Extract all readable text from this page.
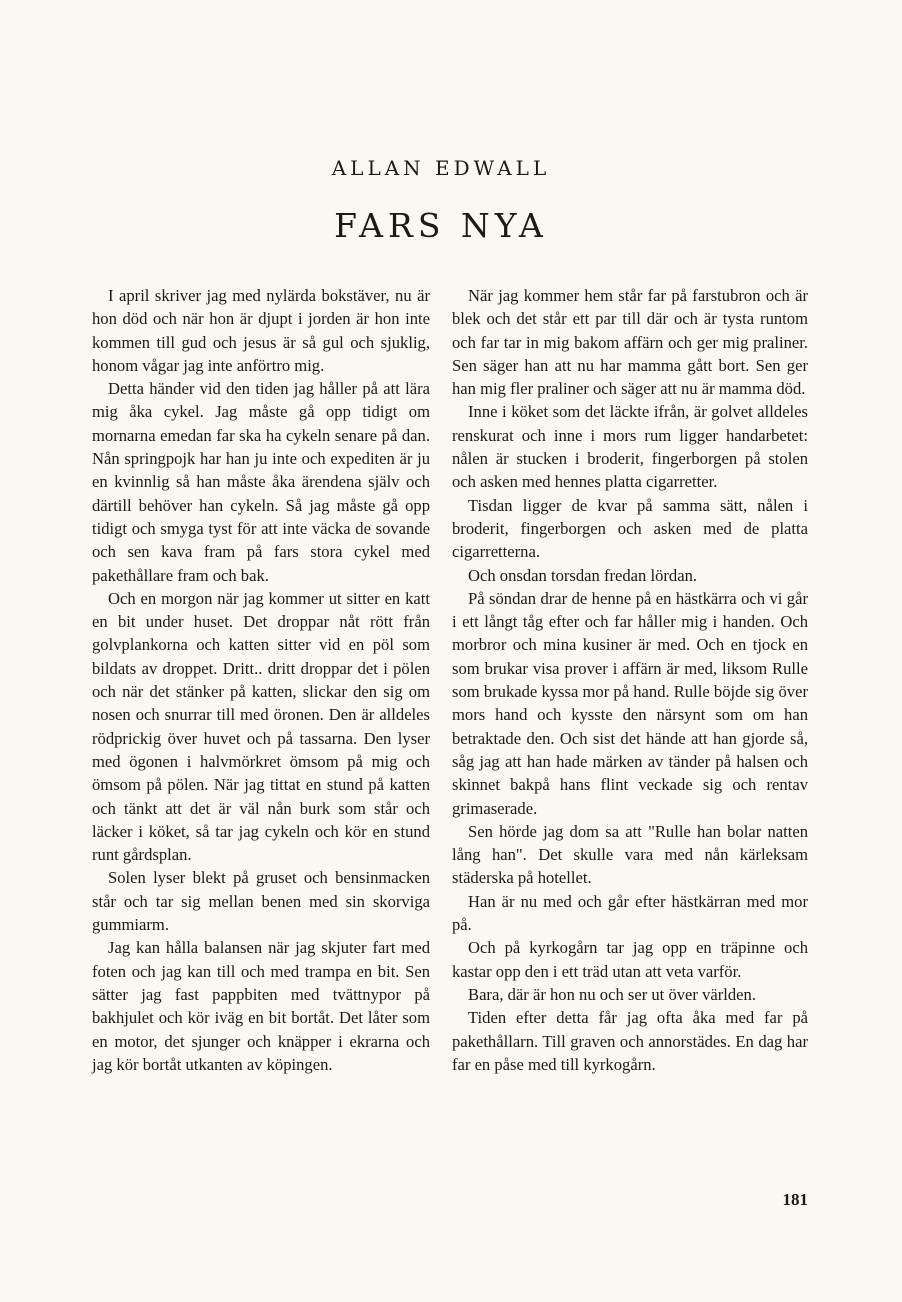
ALLAN EDWALL
FARS NYA

I april skriver jag med nylärda bokstäver, nu är hon död och när hon är djupt i jorden är hon inte kommen till gud och jesus är så gul och sjuklig, honom vågar jag inte anförtro mig.

Detta händer vid den tiden jag håller på att lära mig åka cykel. Jag måste gå opp tidigt om mornarna emedan far ska ha cykeln senare på dan. Nån springpojk har han ju inte och expediten är ju en kvinnlig så han måste åka ärendena själv och därtill behöver han cykeln. Så jag måste gå opp tidigt och smyga tyst för att inte väcka de sovande och sen kava fram på fars stora cykel med pakethållare fram och bak.

Och en morgon när jag kommer ut sitter en katt en bit under huset. Det droppar nåt rött från golvplankorna och katten sitter vid en pöl som bildats av droppet. Dritt.. dritt droppar det i pölen och när det stänker på katten, slickar den sig om nosen och snurrar till med öronen. Den är alldeles rödprickig över huvet och på tassarna. Den lyser med ögonen i halvmörkret ömsom på mig och ömsom på pölen. När jag tittat en stund på katten och tänkt att det är väl nån burk som står och läcker i köket, så tar jag cykeln och kör en stund runt gårdsplan.

Solen lyser blekt på gruset och bensinmacken står och tar sig mellan benen med sin skorviga gummiarm.

Jag kan hålla balansen när jag skjuter fart med foten och jag kan till och med trampa en bit. Sen sätter jag fast pappbiten med tvättnypor på bakhjulet och kör iväg en bit bortåt. Det låter som en motor, det sjunger och knäpper i ekrarna och jag kör bortåt utkanten av köpingen.

När jag kommer hem står far på farstubron och är blek och det står ett par till där och är tysta runtom och far tar in mig bakom affärn och ger mig praliner. Sen säger han att nu har mamma gått bort. Sen ger han mig fler praliner och säger att nu är mamma död.

Inne i köket som det läckte ifrån, är golvet alldeles renskurat och inne i mors rum ligger handarbetet: nålen är stucken i broderit, fingerborgen på stolen och asken med hennes platta cigarretter.

Tisdan ligger de kvar på samma sätt, nålen i broderit, fingerborgen och asken med de platta cigarretterna.

Och onsdan torsdan fredan lördan.

På söndan drar de henne på en hästkärra och vi går i ett långt tåg efter och far håller mig i handen. Och morbror och mina kusiner är med. Och en tjock en som brukar visa prover i affärn är med, liksom Rulle som brukade kyssa mor på hand. Rulle böjde sig över mors hand och kysste den närsynt som om han betraktade den. Och sist det hände att han gjorde så, såg jag att han hade märken av tänder på halsen och skinnet bakpå hans flint veckade sig och rentav grimaserade.

Sen hörde jag dom sa att "Rulle han bolar natten lång han". Det skulle vara med nån kärleksam städerska på hotellet.

Han är nu med och går efter hästkärran med mor på.

Och på kyrkogårn tar jag opp en träpinne och kastar opp den i ett träd utan att veta varför.

Bara, där är hon nu och ser ut över världen.

Tiden efter detta får jag ofta åka med far på pakethållarn. Till graven och annorstädes. En dag har far en påse med till kyrkogårn.

181
